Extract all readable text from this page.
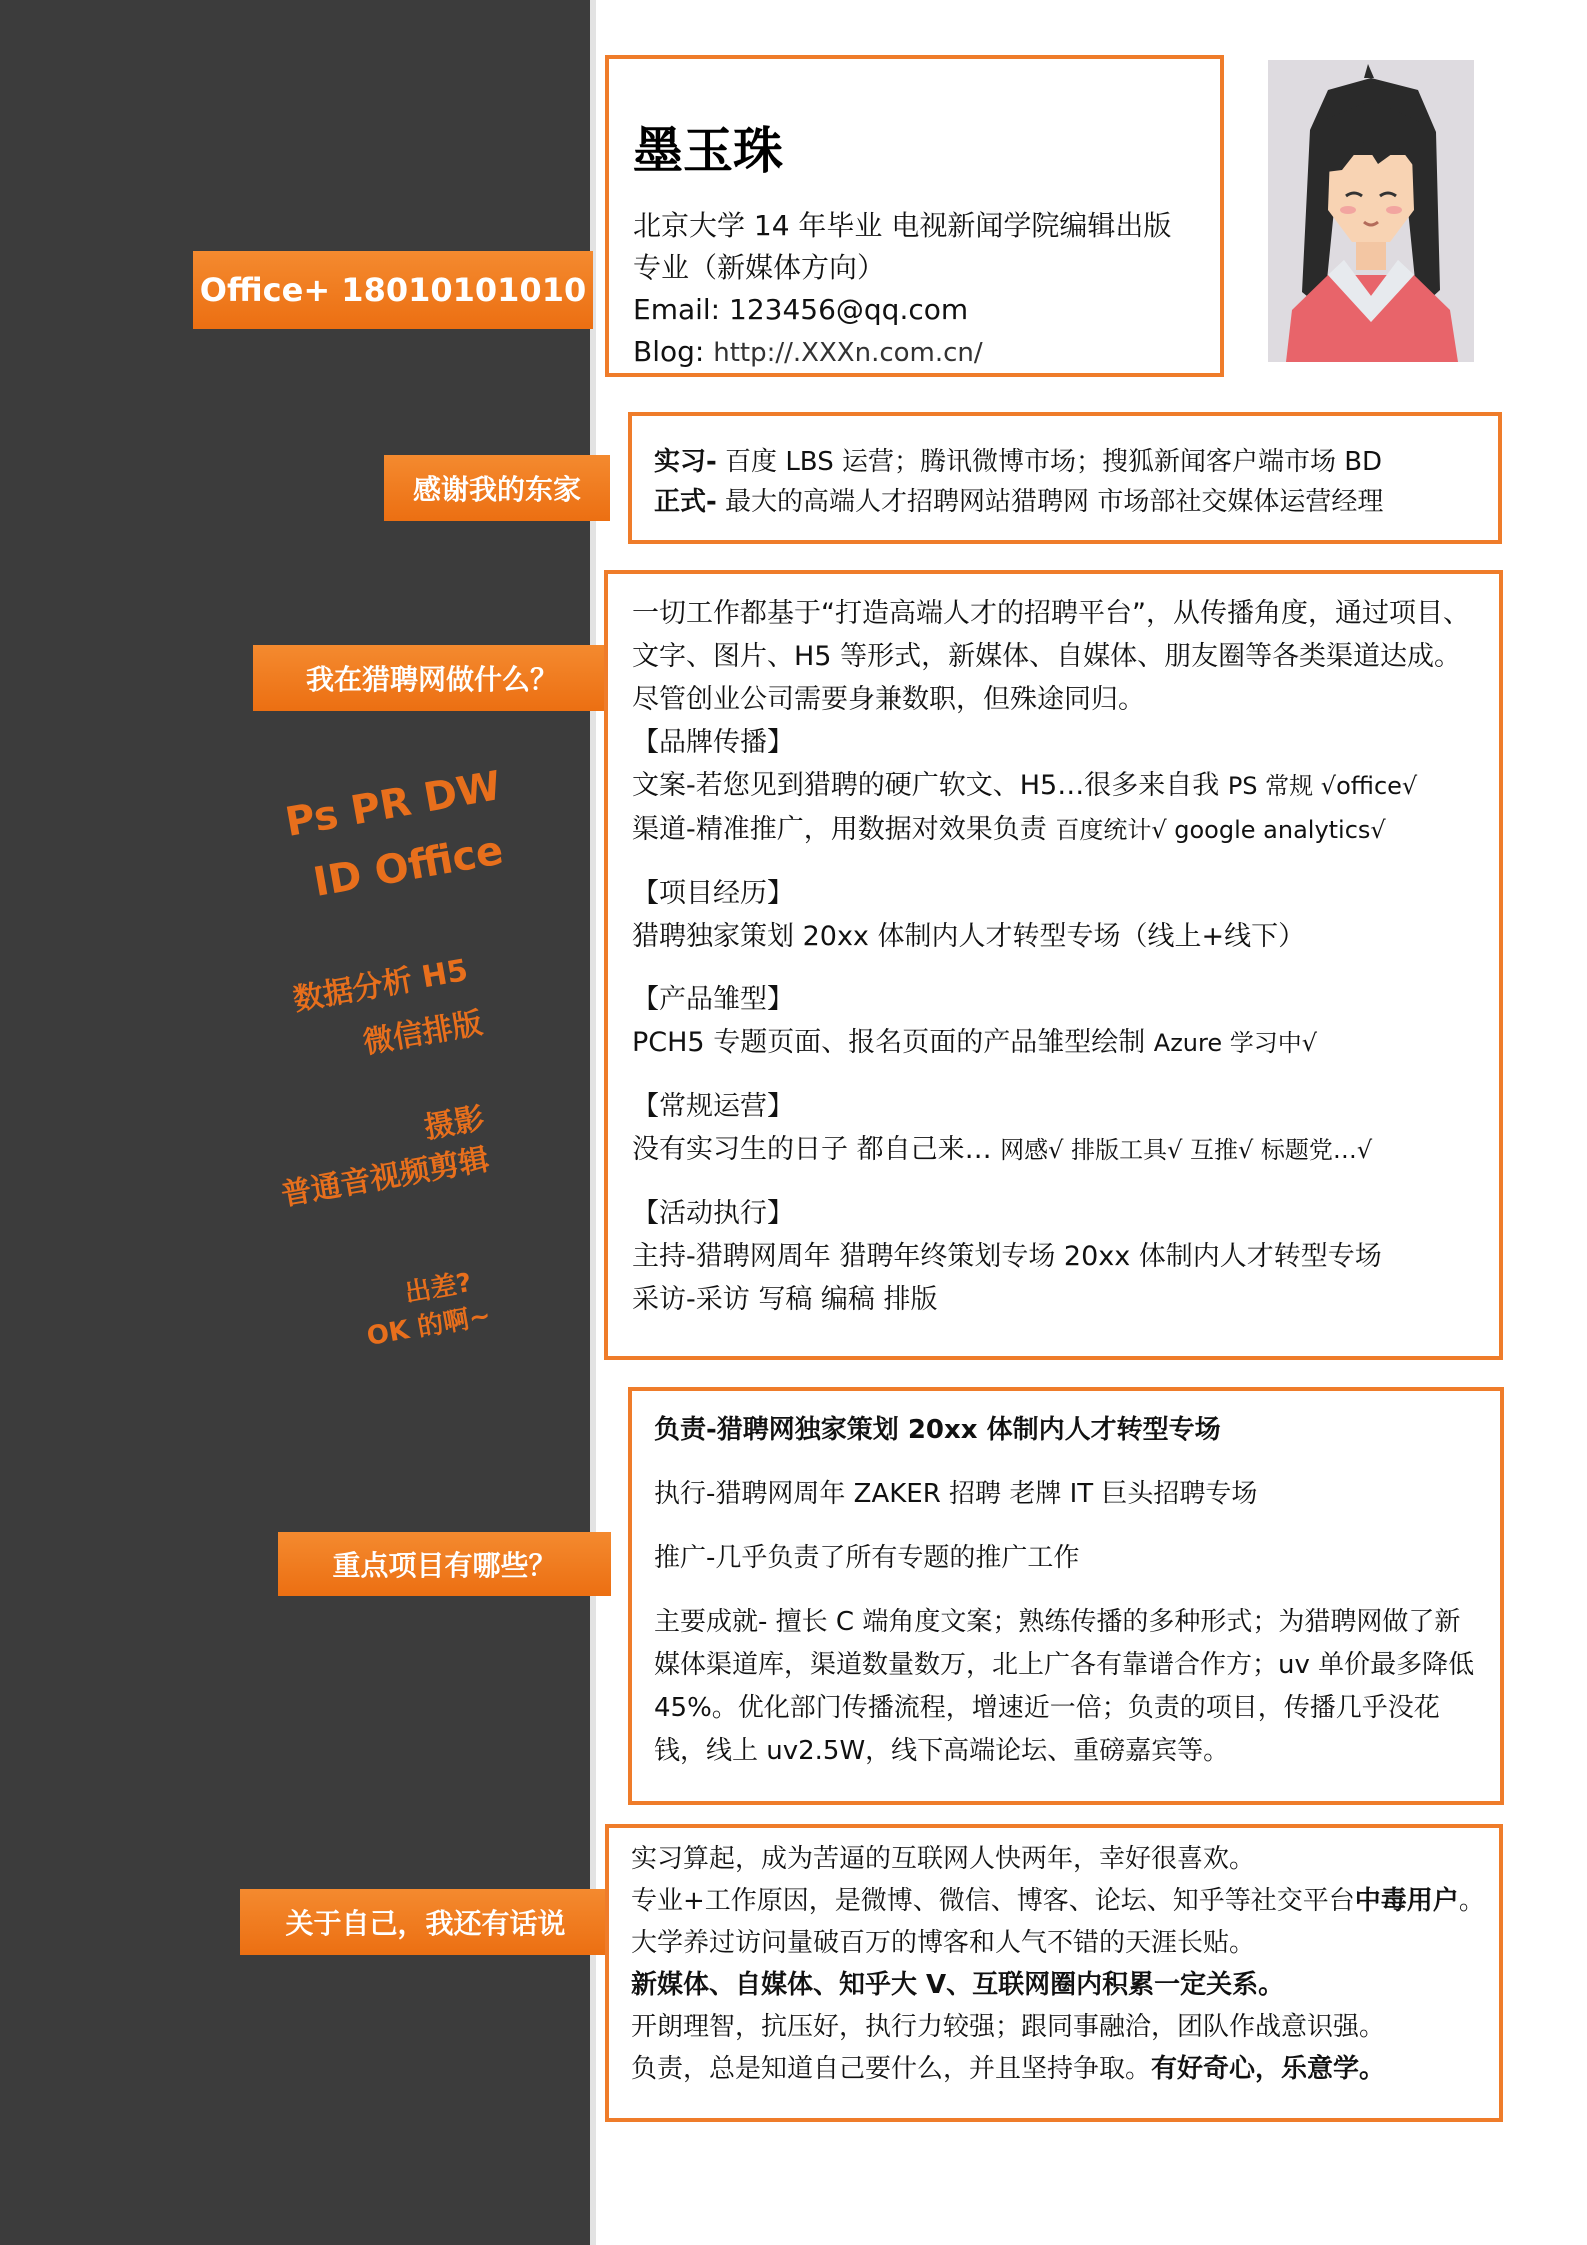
Office+ 18010101010
感谢我的东家
我在猎聘网做什么？
重点项目有哪些？
关于自己，我还有话说
Ps PR DW
ID Office
数据分析 H5
微信排版
摄影
普通音视频剪辑
出差?
OK 的啊~
墨玉珠

北京大学 14 年毕业 电视新闻学院编辑出版

专业（新媒体方向）

Email: 123456@qq.com

Blog: http://.XXXn.com.cn/

实习- 百度 LBS 运营；腾讯微博市场；搜狐新闻客户端市场 BD

正式- 最大的高端人才招聘网站猎聘网 市场部社交媒体运营经理

一切工作都基于“打造高端人才的招聘平台”，从传播角度，通过项目、文字、图片、H5 等形式，新媒体、自媒体、朋友圈等各类渠道达成。尽管创业公司需要身兼数职，但殊途同归。

【品牌传播】

文案-若您见到猎聘的硬广软文、H5…很多来自我 PS 常规 √office√

渠道-精准推广，用数据对效果负责 百度统计√ google analytics√

【项目经历】

猎聘独家策划 20xx 体制内人才转型专场（线上+线下）

【产品雏型】

PCH5 专题页面、报名页面的产品雏型绘制 Azure 学习中√

【常规运营】

没有实习生的日子 都自己来… 网感√ 排版工具√ 互推√ 标题党…√

【活动执行】

主持-猎聘网周年 猎聘年终策划专场 20xx 体制内人才转型专场

采访-采访 写稿 编稿 排版

负责-猎聘网独家策划 20xx 体制内人才转型专场

执行-猎聘网周年 ZAKER 招聘 老牌 IT 巨头招聘专场

推广-几乎负责了所有专题的推广工作

主要成就- 擅长 C 端角度文案；熟练传播的多种形式；为猎聘网做了新媒体渠道库，渠道数量数万，北上广各有靠谱合作方；uv 单价最多降低 45%。优化部门传播流程，增速近一倍；负责的项目，传播几乎没花钱，线上 uv2.5W，线下高端论坛、重磅嘉宾等。

实习算起，成为苦逼的互联网人快两年，幸好很喜欢。

专业+工作原因，是微博、微信、博客、论坛、知乎等社交平台中毒用户。大学养过访问量破百万的博客和人气不错的天涯长贴。

新媒体、自媒体、知乎大 V、互联网圈内积累一定关系。

开朗理智，抗压好，执行力较强；跟同事融洽，团队作战意识强。

负责，总是知道自己要什么，并且坚持争取。有好奇心，乐意学。
